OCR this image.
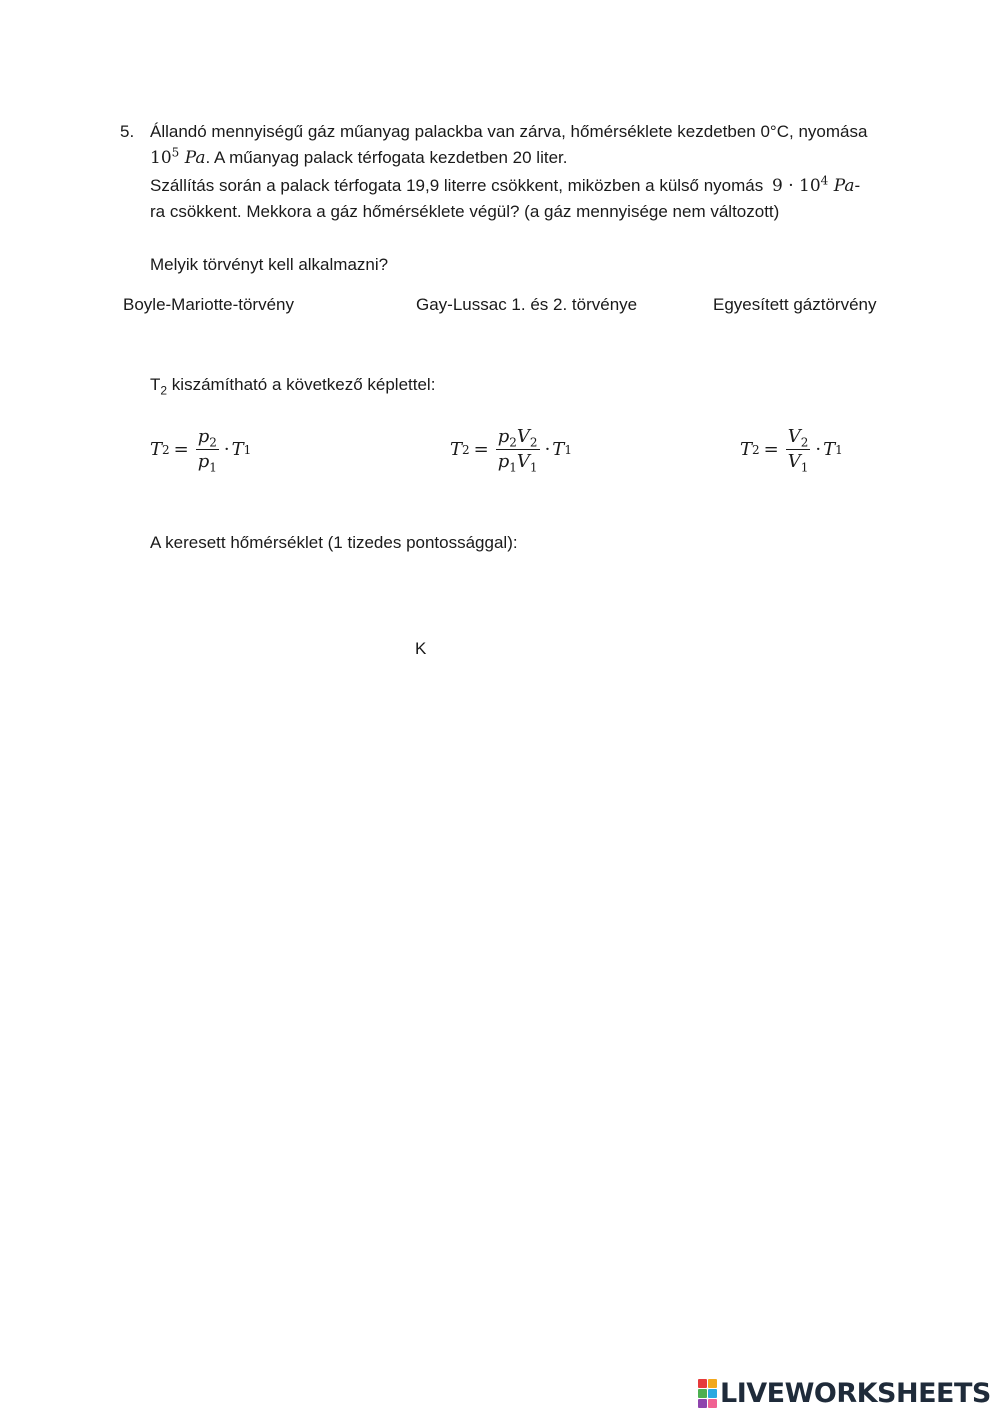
5. Állandó mennyiségű gáz műanyag palackba van zárva, hőmérséklete kezdetben 0°C, nyomása
$10^5$ Pa. A műanyag palack térfogata kezdetben 20 liter.
Szállítás során a palack térfogata 19,9 literre csökkent, miközben a külső nyomás $9 \cdot 10^4$ Pa-
ra csökkent. Mekkora a gáz hőmérséklete végül? (a gáz mennyisége nem változott)
Melyik törvényt kell alkalmazni?
Boyle-Mariotte-törvény	Gay-Lussac 1. és 2. törvénye	Egyesített gáztörvény
$T_2$ kiszámítható a következő képlettel:
T $2 = \frac{p_2}{p_1} \cdot T$ 1	T $2 = \frac{p_2V_2}{p_1V_1} \cdot T$ 1	T $2 = \frac{V_2}{V_1} \cdot T$ 1
A keresett hőmérséklet (1 tizedes pontossággal):
K
LIVEWORKSHEETS
